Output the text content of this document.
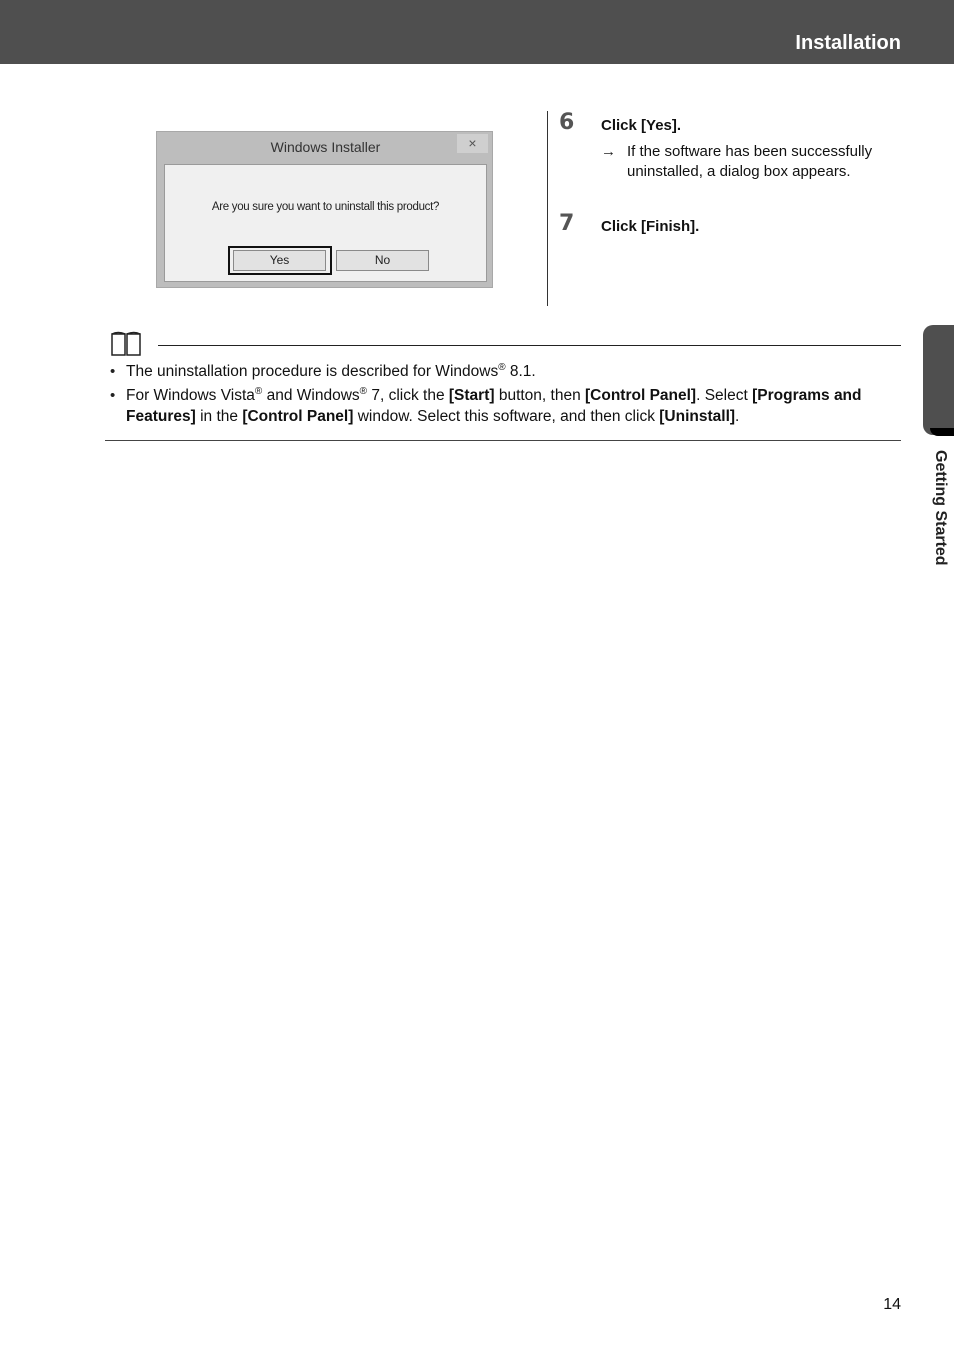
Installation
Windows Installer	×
Are you sure you want to uninstall this product?
Yes	No
6 Click [Yes].
→ If the software has been successfully uninstalled, a dialog box appears.
7 Click [Finish].
• The uninstallation procedure is described for Windows® 8.1.
• For Windows Vista® and Windows® 7, click the [Start] button, then [Control Panel]. Select [Programs and Features] in the [Control Panel] window. Select this software, and then click [Uninstall].
Getting Started
14
